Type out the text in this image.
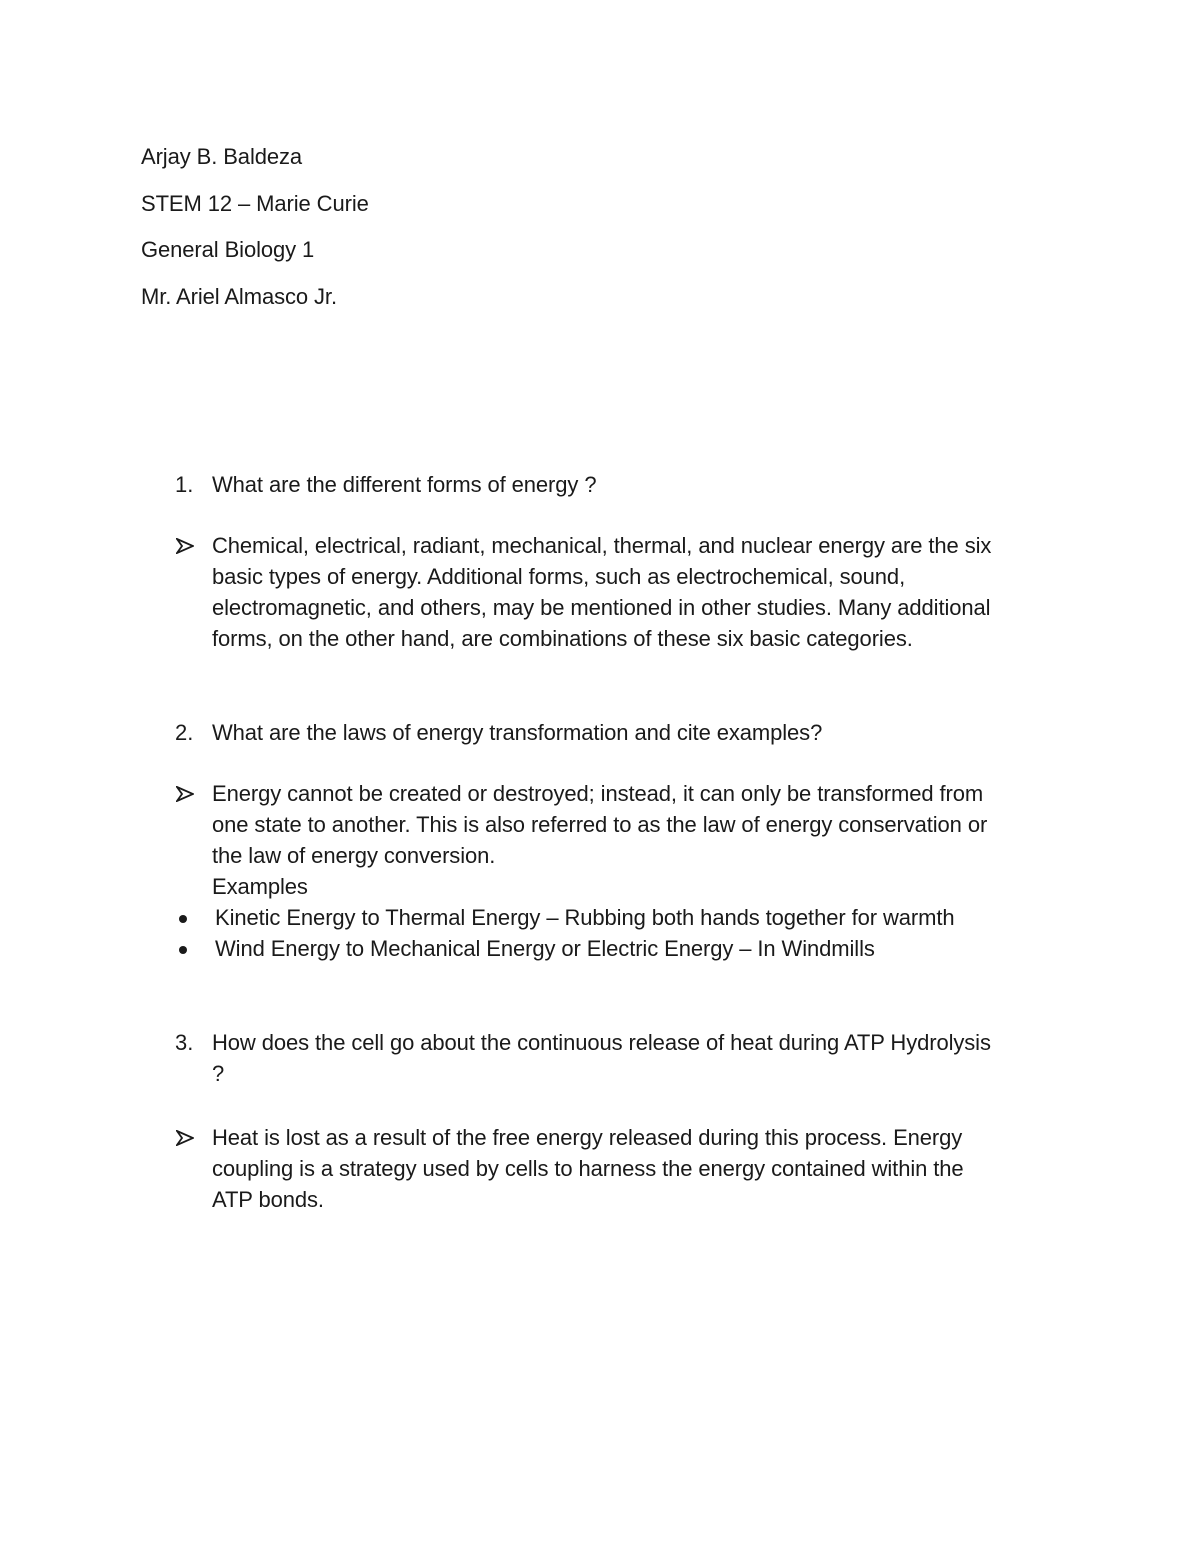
Arjay B. Baldeza
STEM 12 – Marie Curie
General Biology 1
Mr. Ariel Almasco Jr.
1. What are the different forms of energy ?
Chemical, electrical, radiant, mechanical, thermal, and nuclear energy are the six
basic types of energy. Additional forms, such as electrochemical, sound,
electromagnetic, and others, may be mentioned in other studies. Many additional
forms, on the other hand, are combinations of these six basic categories.
2. What are the laws of energy transformation and cite examples?
Energy cannot be created or destroyed; instead, it can only be transformed from
one state to another. This is also referred to as the law of energy conservation or
the law of energy conversion.
Examples
Kinetic Energy to Thermal Energy – Rubbing both hands together for warmth
Wind Energy to Mechanical Energy or Electric Energy – In Windmills
3. How does the cell go about the continuous release of heat during ATP Hydrolysis
?
Heat is lost as a result of the free energy released during this process. Energy
coupling is a strategy used by cells to harness the energy contained within the
ATP bonds.
